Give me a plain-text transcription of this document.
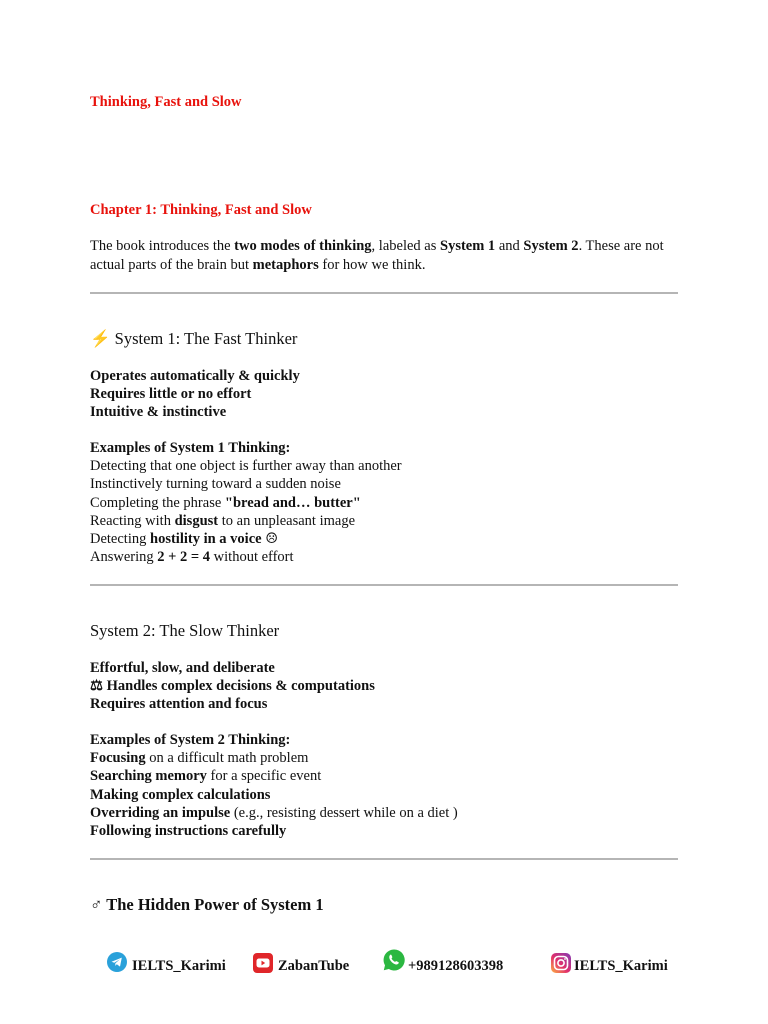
Thinking, Fast and Slow
Chapter 1: Thinking, Fast and Slow

The book introduces the two modes of thinking, labeled as System 1 and System 2. These are not actual parts of the brain but metaphors for how we think.

⚡ System 1: The Fast Thinker
Operates automatically & quickly
Requires little or no effort
Intuitive & instinctive
Examples of System 1 Thinking:
Detecting that one object is further away than another
Instinctively turning toward a sudden noise
Completing the phrase "bread and… butter"
Reacting with disgust to an unpleasant image
Detecting hostility in a voice ☹
Answering 2 + 2 = 4 without effort
System 2: The Slow Thinker
Effortful, slow, and deliberate
⚖ Handles complex decisions & computations
Requires attention and focus
Examples of System 2 Thinking:
Focusing on a difficult math problem
Searching memory for a specific event
Making complex calculations
Overriding an impulse (e.g., resisting dessert while on a diet )
Following instructions carefully
♂ The Hidden Power of System 1
IELTS_Karimi	ZabanTube	+989128603398	IELTS_Karimi
